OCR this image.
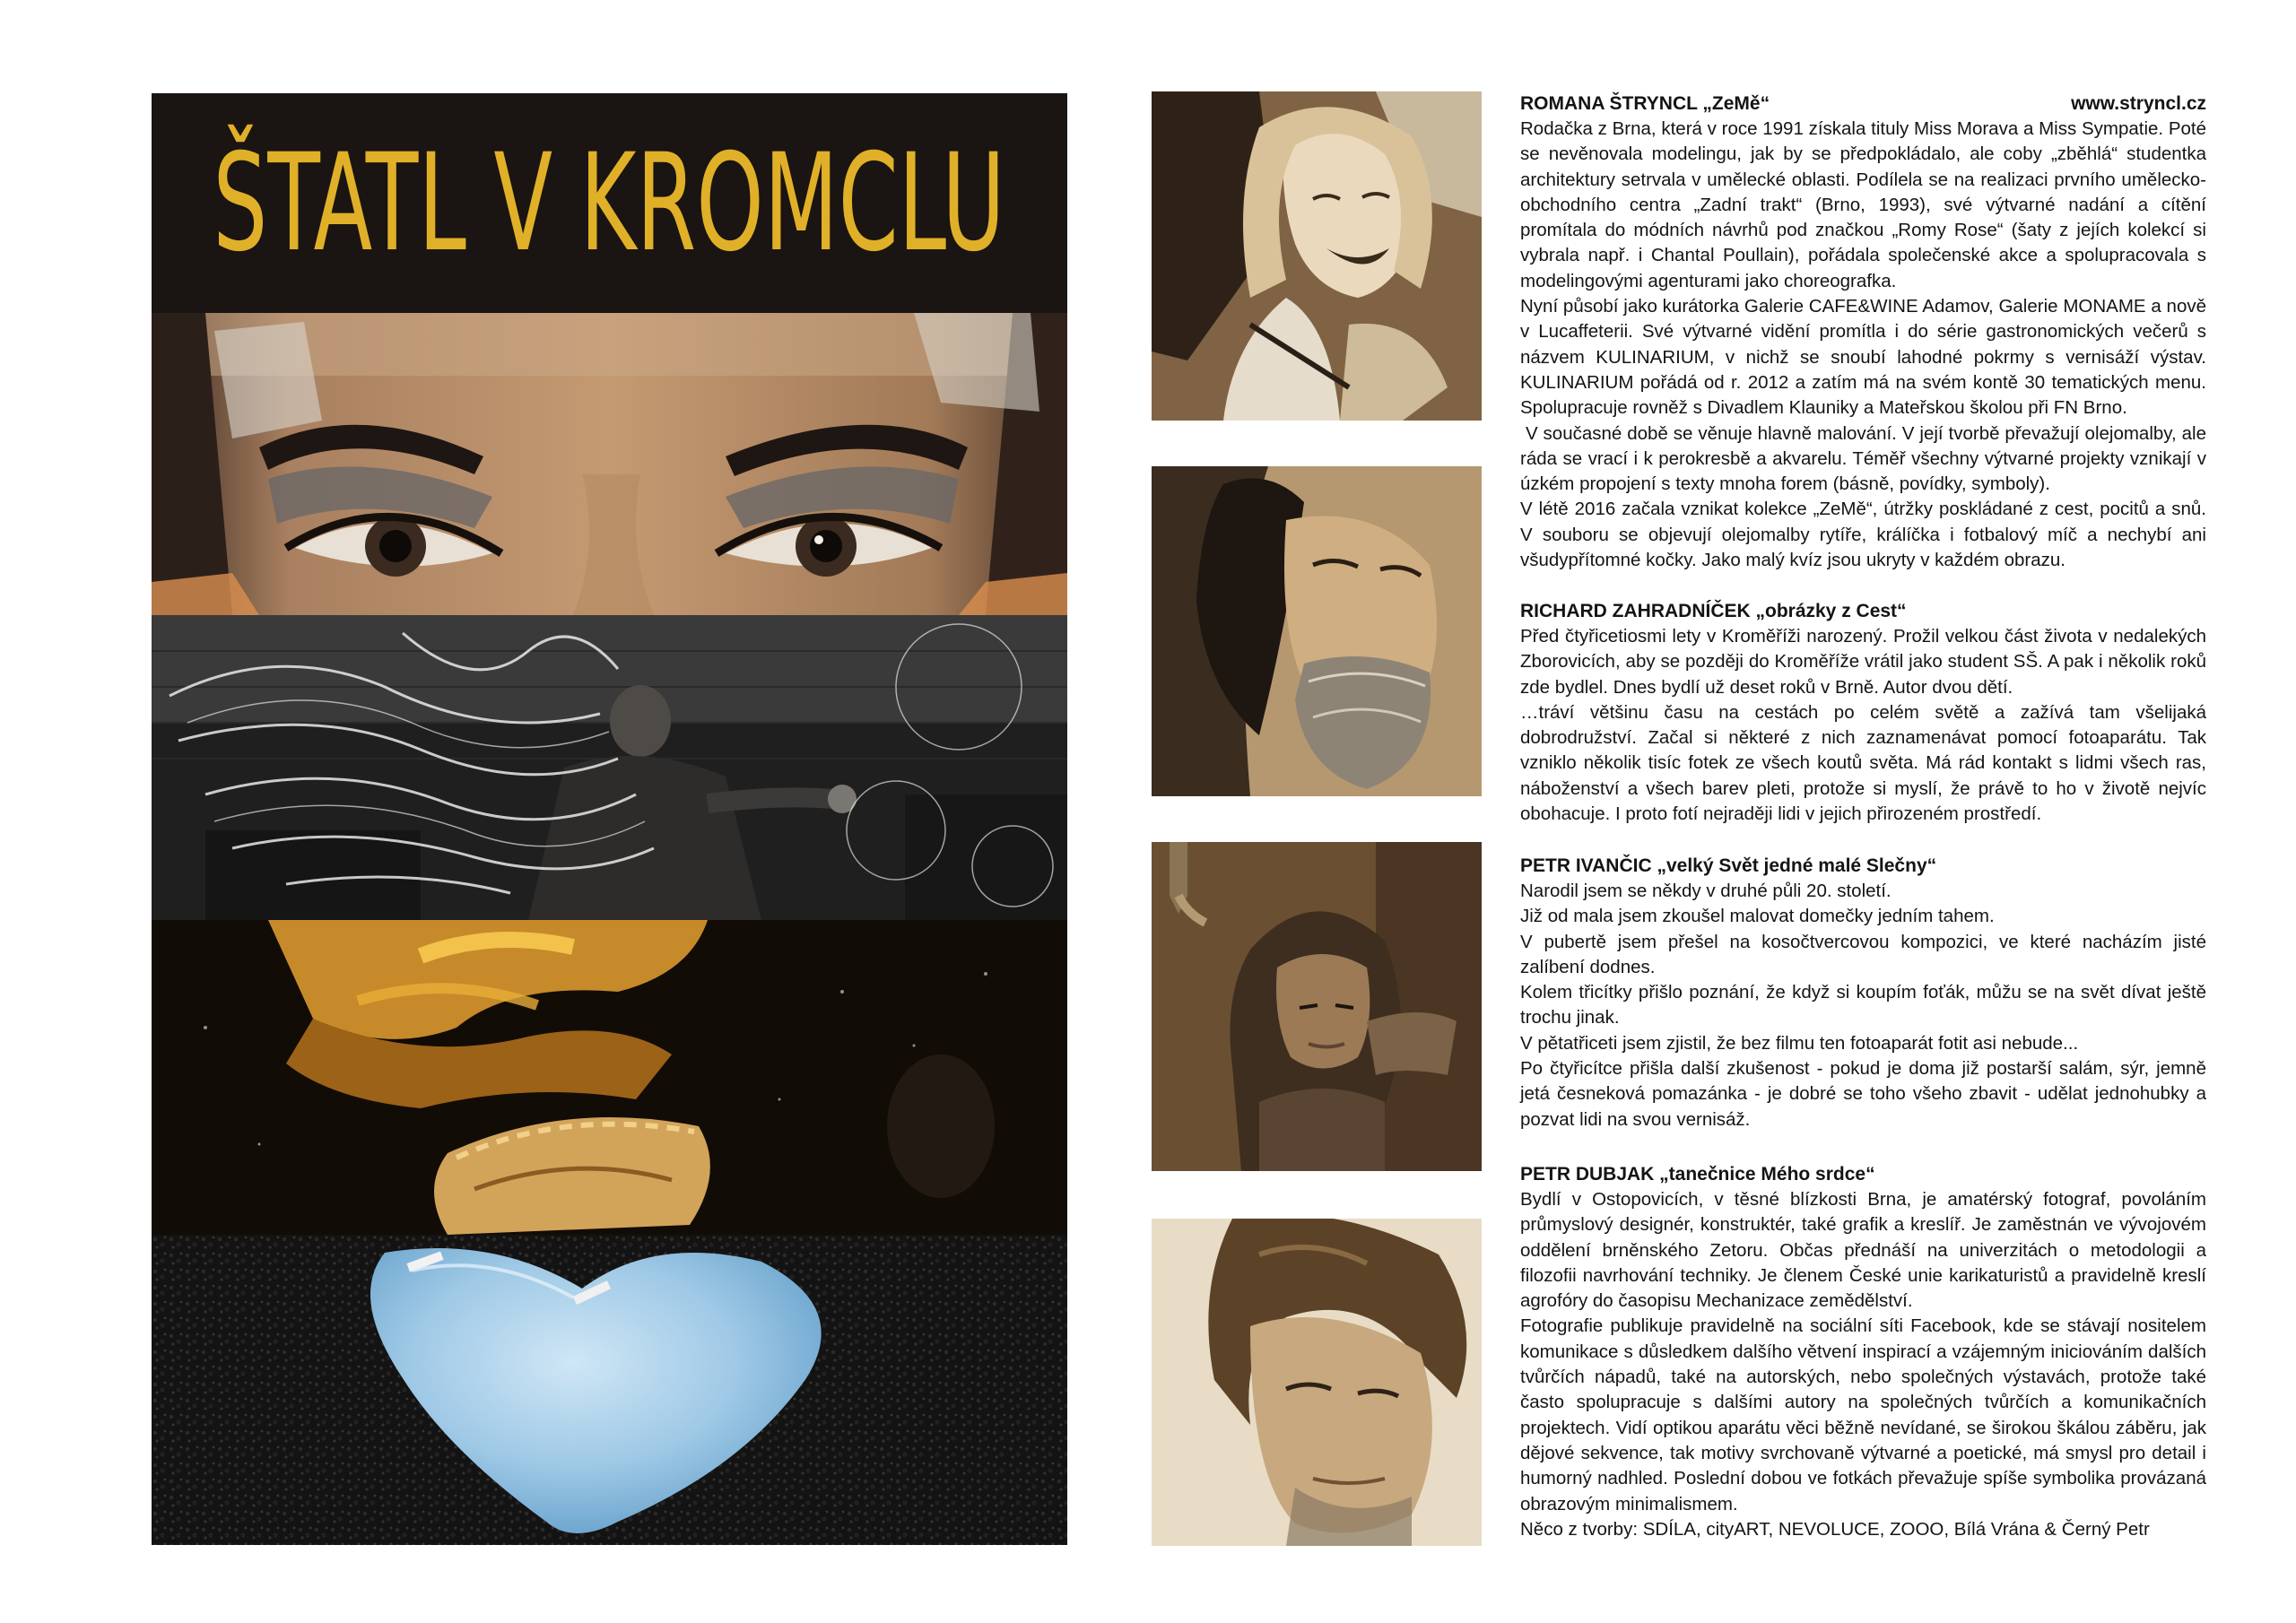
ŠTATL V KROMCLU
ROMANA ŠTRYNCL „ZeMě“	www.stryncl.cz

Rodačka z Brna, která v roce 1991 získala tituly Miss Morava a Miss Sympatie. Poté se nevěnovala modelingu, jak by se předpokládalo, ale coby „zběhlá“ studentka architektury setrvala v umělecké oblasti. Podílela se na realizaci prvního umělecko-obchodního centra „Zadní trakt“ (Brno, 1993), své výtvarné nadání a cítění promítala do módních návrhů pod značkou „Romy Rose“ (šaty z jejích kolekcí si vybrala např. i Chantal Poullain), pořádala společenské akce a spolupracovala s modelingovými agenturami jako choreografka.

Nyní působí jako kurátorka Galerie CAFE&WINE Adamov, Galerie MONAME a nově v Lucaffeterii. Své výtvarné vidění promítla i do série gastronomických večerů s názvem KULINARIUM, v nichž se snoubí lahodné pokrmy s vernisáží výstav. KULINARIUM pořádá od r. 2012 a zatím má na svém kontě 30 tematických menu. Spolupracuje rovněž s Divadlem Klauniky a Mateřskou školou při FN Brno.

V současné době se věnuje hlavně malování. V její tvorbě převažují olejomalby, ale ráda se vrací i k perokresbě a akvarelu. Téměř všechny výtvarné projekty vznikají v úzkém propojení s texty mnoha forem (básně, povídky, symboly).

V létě 2016 začala vznikat kolekce „ZeMě“, útržky poskládané z cest, pocitů a snů. V souboru se objevují olejomalby rytíře, králíčka i fotbalový míč a nechybí ani všudypřítomné kočky. Jako malý kvíz jsou ukryty v každém obrazu.

RICHARD ZAHRADNÍČEK „obrázky z Cest“

Před čtyřicetiosmi lety v Kroměříži narozený. Prožil velkou část života v nedalekých Zborovicích, aby se později do Kroměříže vrátil jako student SŠ. A pak i několik roků zde bydlel. Dnes bydlí už deset roků v Brně. Autor dvou dětí.

…tráví většinu času na cestách po celém světě a zažívá tam všelijaká dobrodružství. Začal si některé z nich zaznamenávat pomocí fotoaparátu. Tak vzniklo několik tisíc fotek ze všech koutů světa. Má rád kontakt s lidmi všech ras, náboženství a všech barev pleti, protože si myslí, že právě to ho v životě nejvíc obohacuje. I proto fotí nejraději lidi v jejich přirozeném prostředí.

PETR IVANČIC „velký Svět jedné malé Slečny“

Narodil jsem se někdy v druhé půli 20. století.

Již od mala jsem zkoušel malovat domečky jedním tahem.

V pubertě jsem přešel na kosočtvercovou kompozici, ve které nacházím jisté zalíbení dodnes.

Kolem třicítky přišlo poznání, že když si koupím foťák, můžu se na svět dívat ještě trochu jinak.

V pětatřiceti jsem zjistil, že bez filmu ten fotoaparát fotit asi nebude...

Po čtyřicítce přišla další zkušenost - pokud je doma již postarší salám, sýr, jemně jetá česneková pomazánka - je dobré se toho všeho zbavit - udělat jednohubky a pozvat lidi na svou vernisáž.

PETR DUBJAK „tanečnice Mého srdce“

Bydlí v Ostopovicích, v těsné blízkosti Brna, je amatérský fotograf, povoláním průmyslový designér, konstruktér, také grafik a kreslíř. Je zaměstnán ve vývojovém oddělení brněnského Zetoru. Občas přednáší na univerzitách o metodologii a filozofii navrhování techniky. Je členem České unie karikaturistů a pravidelně kreslí agrofóry do časopisu Mechanizace zemědělství.

Fotografie publikuje pravidelně na sociální síti Facebook, kde se stávají nositelem komunikace s důsledkem dalšího větvení inspirací a vzájemným iniciováním dalších tvůrčích nápadů, také na autorských, nebo společných výstavách, protože také často spolupracuje s dalšími autory na společných tvůrčích a komunikačních projektech. Vidí optikou aparátu věci běžně nevídané, se širokou škálou záběru, jak dějové sekvence, tak motivy svrchovaně výtvarné a poetické, má smysl pro detail i humorný nadhled. Poslední dobou ve fotkách převažuje spíše symbolika provázaná obrazovým minimalismem.

Něco z tvorby: SDÍLA, cityART, NEVOLUCE, ZOOO, Bílá Vrána & Černý Petr
